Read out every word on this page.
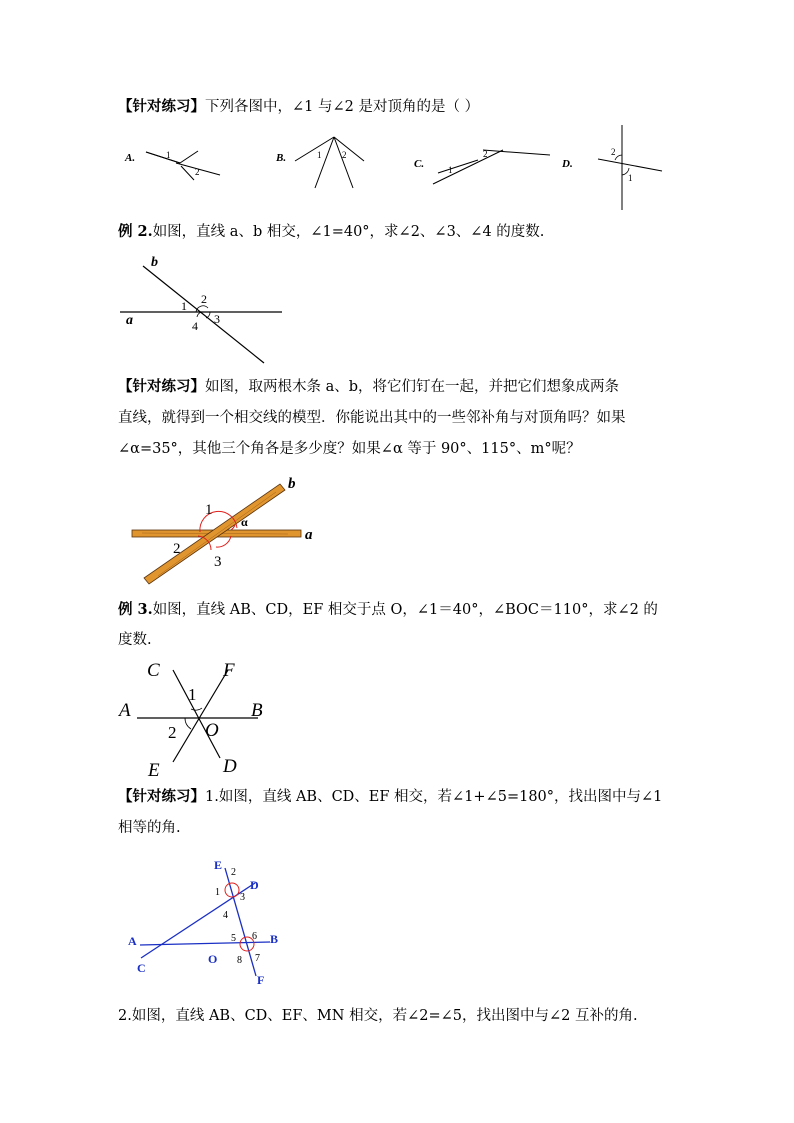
【针对练习】下列各图中，∠1 与∠2 是对顶角的是（ ）
A.	1
2
B.	1 2
C.	1
2
D.
2
1
例 2.如图，直线 a、b 相交，∠1=40°，求∠2、∠3、∠4 的度数.
b
a
1 2
3
4
【针对练习】如图，取两根木条 a、b，将它们钉在一起，并把它们想象成两条
直线，就得到一个相交线的模型．你能说出其中的一些邻补角与对顶角吗？如果
∠α=35°，其他三个角各是多少度？如果∠α 等于 90°、115°、m°呢？
b
a
1
2
3
α
例 3.如图，直线 AB、CD，EF 相交于点 O，∠1＝40°，∠BOC＝110°，求∠2 的
度数.
C	F
A	B
O
E	D
1
2
【针对练习】1.如图，直线 AB、CD、EF 相交，若∠1+∠5=180°，找出图中与∠1
相等的角.
E
D
A	B
C
O
F
2
1 3
4
5 6
8 7
2.如图，直线 AB、CD、EF、MN 相交，若∠2=∠5，找出图中与∠2 互补的角.
